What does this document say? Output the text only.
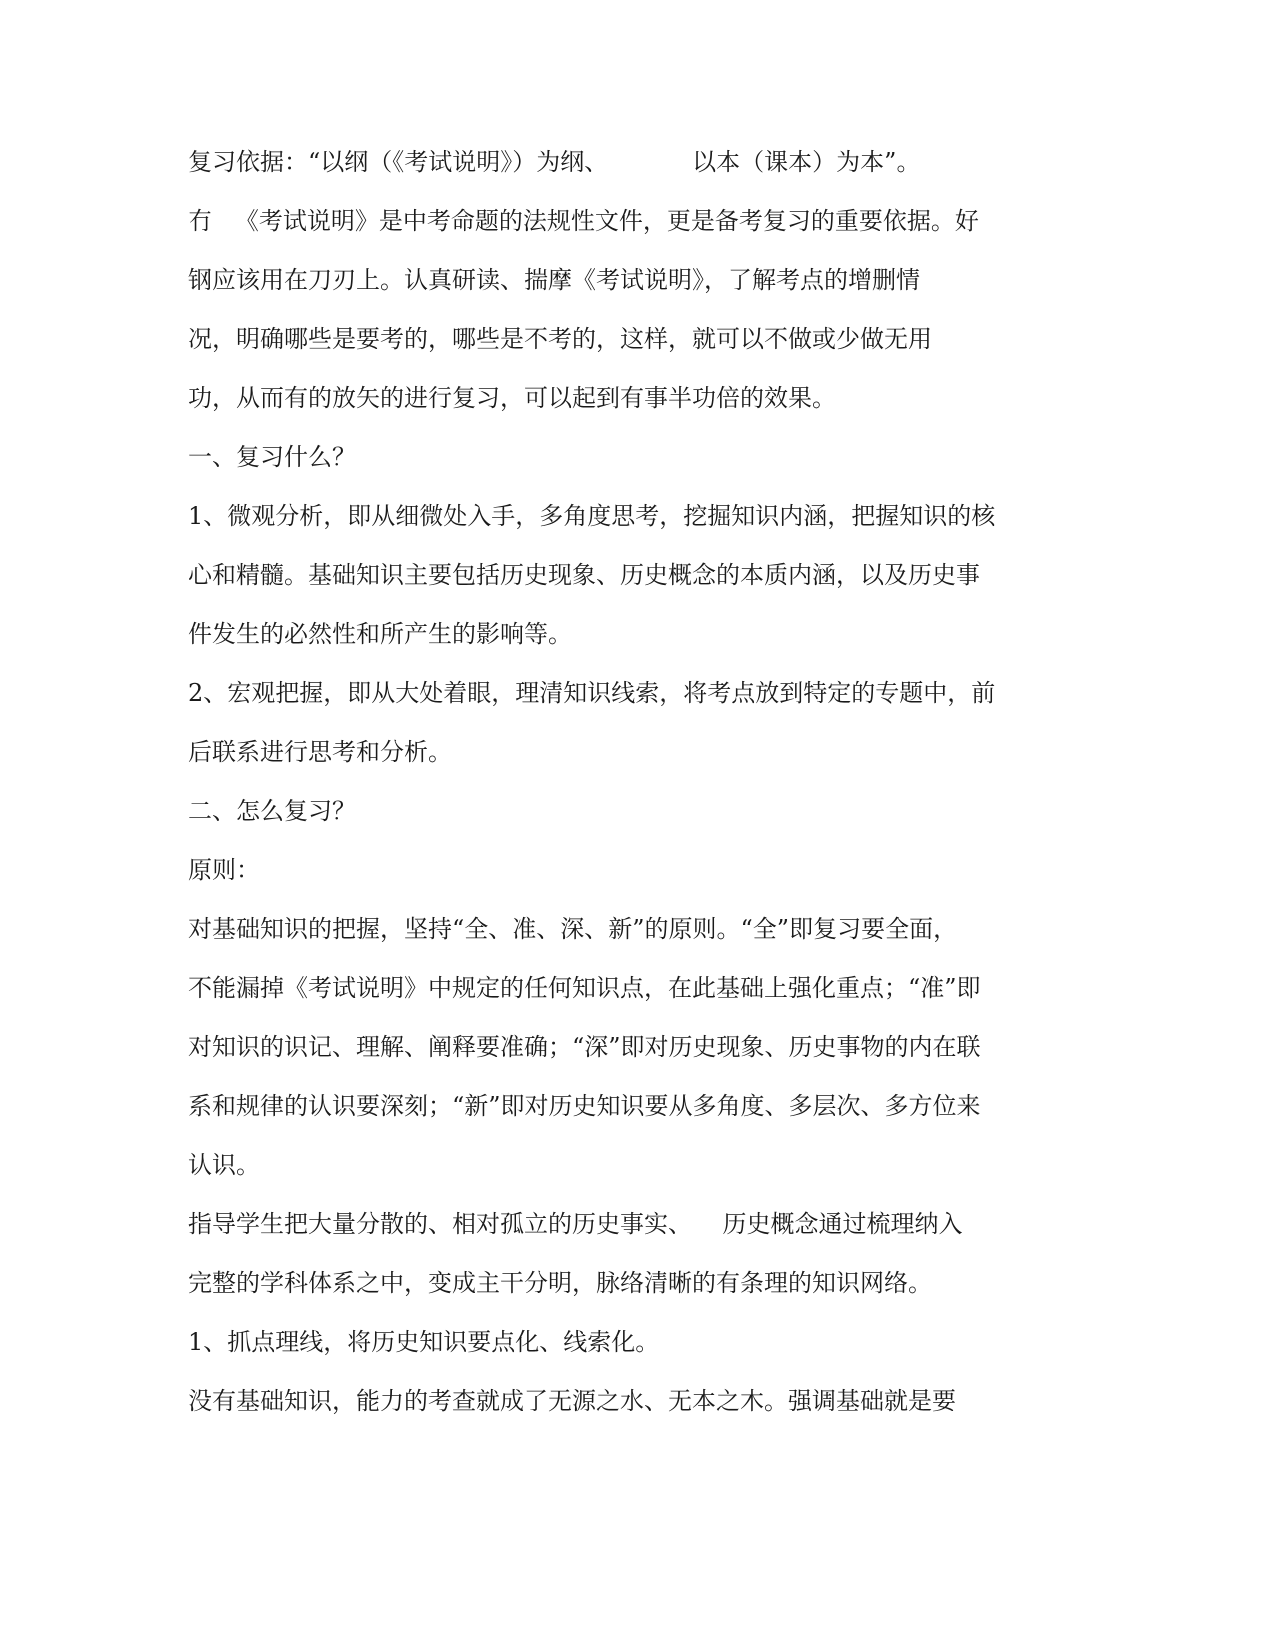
复习依据：“以纲（《考试说明》）为纲、           以本（课本）为本”。
冇   《考试说明》是中考命题的法规性文件，更是备考复习的重要依据。好
钢应该用在刀刃上。认真研读、揣摩《考试说明》，了解考点的增删情
况，明确哪些是要考的，哪些是不考的，这样，就可以不做或少做无用
功，从而有的放矢的进行复习，可以起到有事半功倍的效果。
一、复习什么？
1、微观分析，即从细微处入手，多角度思考，挖掘知识内涵，把握知识的核
心和精髓。基础知识主要包括历史现象、历史概念的本质内涵，以及历史事
件发生的必然性和所产生的影响等。
2、宏观把握，即从大处着眼，理清知识线索，将考点放到特定的专题中，前
后联系进行思考和分析。
二、怎么复习？
原则：
对基础知识的把握，坚持“全、准、深、新”的原则。“全”即复习要全面，
不能漏掉《考试说明》中规定的任何知识点，在此基础上强化重点；“准”即
对知识的识记、理解、阐释要准确；“深”即对历史现象、历史事物的内在联
系和规律的认识要深刻；“新”即对历史知识要从多角度、多层次、多方位来
认识。
指导学生把大量分散的、相对孤立的历史事实、    历史概念通过梳理纳入
完整的学科体系之中，变成主干分明，脉络清晰的有条理的知识网络。
1、抓点理线，将历史知识要点化、线索化。
没有基础知识，能力的考查就成了无源之水、无本之木。强调基础就是要
